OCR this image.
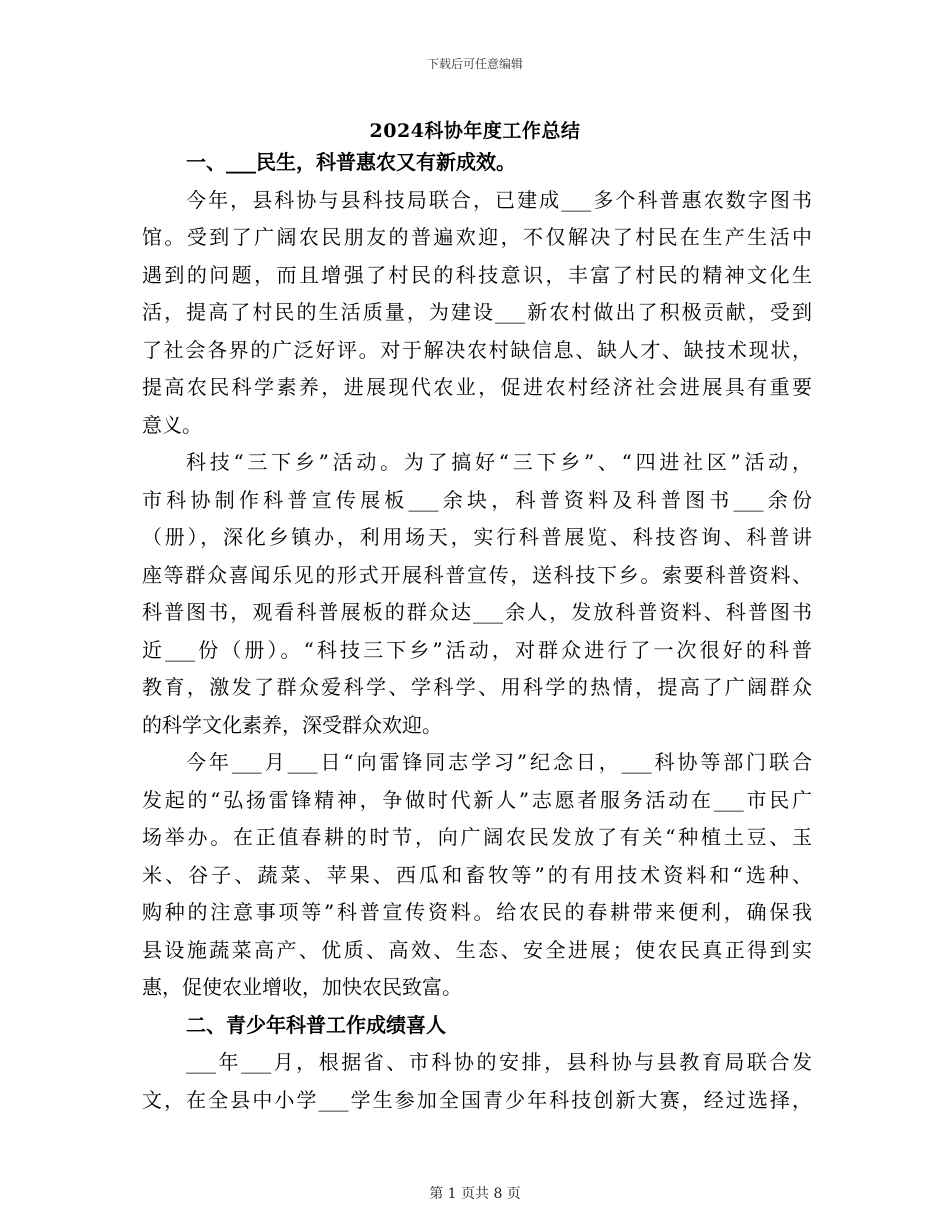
下载后可任意编辑
2024科协年度工作总结
一、___民生，科普惠农又有新成效。
今年，县科协与县科技局联合，已建成___多个科普惠农数字图书
馆。受到了广阔农民朋友的普遍欢迎，不仅解决了村民在生产生活中
遇到的问题，而且增强了村民的科技意识，丰富了村民的精神文化生
活，提高了村民的生活质量，为建设___新农村做出了积极贡献，受到
了社会各界的广泛好评。对于解决农村缺信息、缺人才、缺技术现状，
提高农民科学素养，进展现代农业，促进农村经济社会进展具有重要
意义。
科技“三下乡”活动。为了搞好“三下乡”、“四进社区”活动，
市科协制作科普宣传展板___余块，科普资料及科普图书___余份
（册），深化乡镇办，利用场天，实行科普展览、科技咨询、科普讲
座等群众喜闻乐见的形式开展科普宣传，送科技下乡。索要科普资料、
科普图书，观看科普展板的群众达___余人，发放科普资料、科普图书
近___份（册）。“科技三下乡”活动，对群众进行了一次很好的科普
教育，激发了群众爱科学、学科学、用科学的热情，提高了广阔群众
的科学文化素养，深受群众欢迎。
今年___月___日“向雷锋同志学习”纪念日，___科协等部门联合
发起的“弘扬雷锋精神，争做时代新人”志愿者服务活动在___市民广
场举办。在正值春耕的时节，向广阔农民发放了有关“种植土豆、玉
米、谷子、蔬菜、苹果、西瓜和畜牧等”的有用技术资料和“选种、
购种的注意事项等”科普宣传资料。给农民的春耕带来便利，确保我
县设施蔬菜高产、优质、高效、生态、安全进展；使农民真正得到实
惠，促使农业增收，加快农民致富。
二、青少年科普工作成绩喜人
___年___月，根据省、市科协的安排，县科协与县教育局联合发
文，在全县中小学___学生参加全国青少年科技创新大赛，经过选择，
第 1 页共 8 页
